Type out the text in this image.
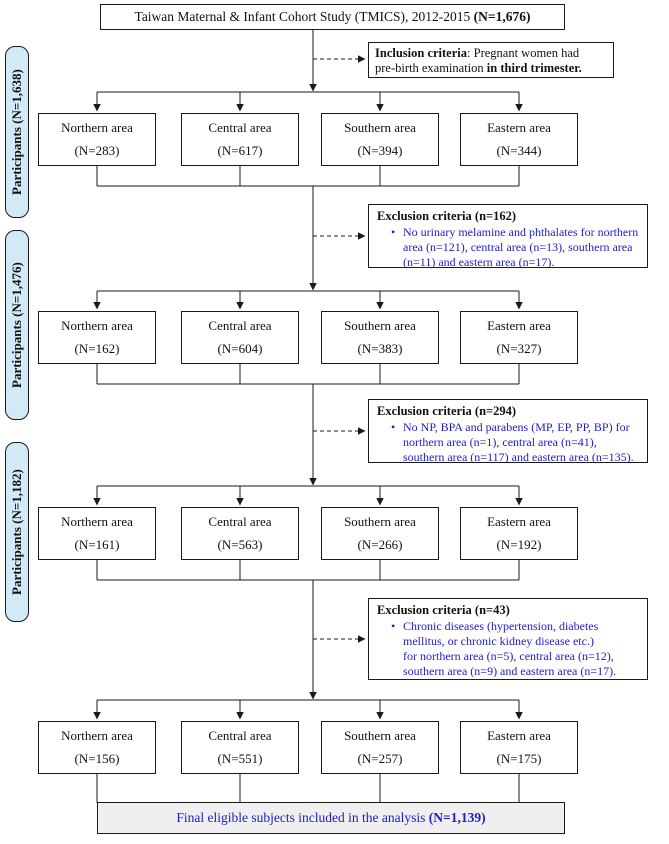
Taiwan Maternal & Infant Cohort Study (TMICS), 2012-2015 (N=1,676)
Inclusion criteria: Pregnant women had
pre-birth examination in third trimester.
Participants (N=1,638)
Participants (N=1,476)
Participants (N=1,182)
Northern area
(N=283)
Central area
(N=617)
Southern area
(N=394)
Eastern area
(N=344)
Exclusion criteria (n=162)
• No urinary melamine and phthalates for northern
area (n=121), central area (n=13), southern area
(n=11) and eastern area (n=17).
Northern area
(N=162)
Central area
(N=604)
Southern area
(N=383)
Eastern area
(N=327)
Exclusion criteria (n=294)
• No NP, BPA and parabens (MP, EP, PP, BP) for
northern area (n=1), central area (n=41),
southern area (n=117) and eastern area (n=135).
Northern area
(N=161)
Central area
(N=563)
Southern area
(N=266)
Eastern area
(N=192)
Exclusion criteria (n=43)
• Chronic diseases (hypertension, diabetes
mellitus, or chronic kidney disease etc.)
for northern area (n=5), central area (n=12),
southern area (n=9) and eastern area (n=17).
Northern area
(N=156)
Central area
(N=551)
Southern area
(N=257)
Eastern area
(N=175)
Final eligible subjects included in the analysis (N=1,139)
